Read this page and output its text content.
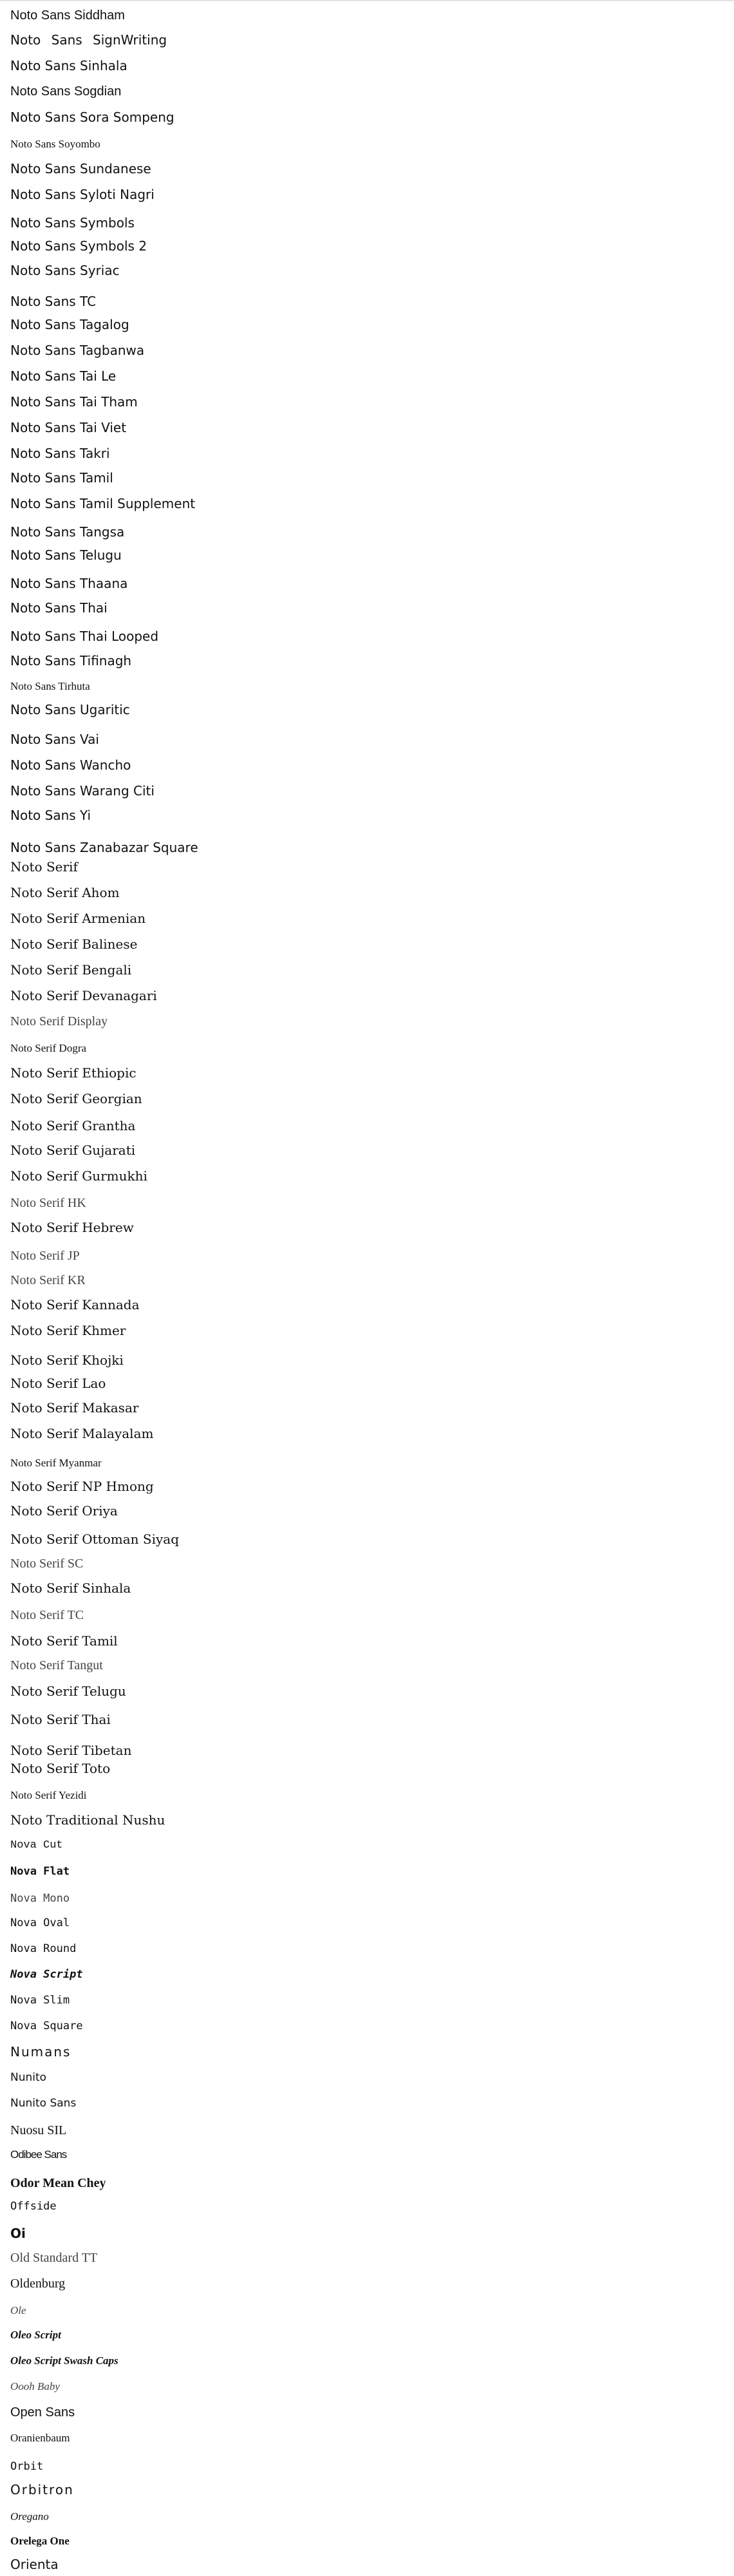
Noto Sans Siddham
Noto Sans SignWriting
Noto Sans Sinhala
Noto Sans Sogdian
Noto Sans Sora Sompeng
Noto Sans Soyombo
Noto Sans Sundanese
Noto Sans Syloti Nagri
Noto Sans Symbols
Noto Sans Symbols 2
Noto Sans Syriac
Noto Sans TC
Noto Sans Tagalog
Noto Sans Tagbanwa
Noto Sans Tai Le
Noto Sans Tai Tham
Noto Sans Tai Viet
Noto Sans Takri
Noto Sans Tamil
Noto Sans Tamil Supplement
Noto Sans Tangsa
Noto Sans Telugu
Noto Sans Thaana
Noto Sans Thai
Noto Sans Thai Looped
Noto Sans Tifinagh
Noto Sans Tirhuta
Noto Sans Ugaritic
Noto Sans Vai
Noto Sans Wancho
Noto Sans Warang Citi
Noto Sans Yi
Noto Sans Zanabazar Square
Noto Serif
Noto Serif Ahom
Noto Serif Armenian
Noto Serif Balinese
Noto Serif Bengali
Noto Serif Devanagari
Noto Serif Display
Noto Serif Dogra
Noto Serif Ethiopic
Noto Serif Georgian
Noto Serif Grantha
Noto Serif Gujarati
Noto Serif Gurmukhi
Noto Serif HK
Noto Serif Hebrew
Noto Serif JP
Noto Serif KR
Noto Serif Kannada
Noto Serif Khmer
Noto Serif Khojki
Noto Serif Lao
Noto Serif Makasar
Noto Serif Malayalam
Noto Serif Myanmar
Noto Serif NP Hmong
Noto Serif Oriya
Noto Serif Ottoman Siyaq
Noto Serif SC
Noto Serif Sinhala
Noto Serif TC
Noto Serif Tamil
Noto Serif Tangut
Noto Serif Telugu
Noto Serif Thai
Noto Serif Tibetan
Noto Serif Toto
Noto Serif Yezidi
Noto Traditional Nushu
Nova Cut
Nova Flat
Nova Mono
Nova Oval
Nova Round
Nova Script
Nova Slim
Nova Square
Numans
Nunito
Nunito Sans
Nuosu SIL
Odibee Sans
Odor Mean Chey
Offside
Oi
Old Standard TT
Oldenburg
Ole
Oleo Script
Oleo Script Swash Caps
Oooh Baby
Open Sans
Oranienbaum
Orbit
Orbitron
Oregano
Orelega One
Orienta
